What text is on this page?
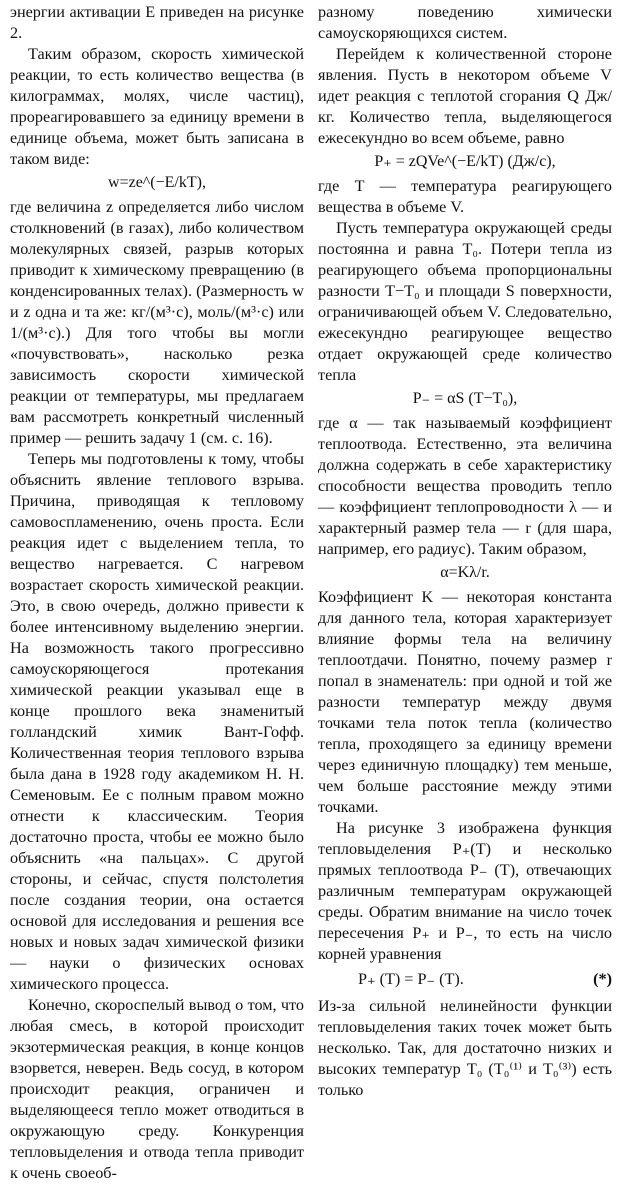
энергии активации E приведен на рисунке 2.

Таким образом, скорость химической реакции, то есть количество вещества (в килограммах, молях, числе частиц), прореагировавшего за единицу времени в единице объема, может быть записана в таком виде:

w=ze^(−E/kT),

где величина z определяется либо числом столкновений (в газах), либо количеством молекулярных связей, разрыв которых приводит к химическому превращению (в конденсированных телах). (Размерность w и z одна и та же: кг/(м³·с), моль/(м³·с) или 1/(м³·с).) Для того чтобы вы могли «почувствовать», насколько резка зависимость скорости химической реакции от температуры, мы предлагаем вам рассмотреть конкретный численный пример — решить задачу 1 (см. с. 16).

Теперь мы подготовлены к тому, чтобы объяснить явление теплового взрыва. Причина, приводящая к тепловому самовоспламенению, очень проста. Если реакция идет с выделением тепла, то вещество нагревается. С нагревом возрастает скорость химической реакции. Это, в свою очередь, должно привести к более интенсивному выделению энергии. На возможность такого прогрессивно самоускоряющегося протекания химической реакции указывал еще в конце прошлого века знаменитый голландский химик Вант-Гофф. Количественная теория теплового взрыва была дана в 1928 году академиком Н. Н. Семеновым. Ее с полным правом можно отнести к классическим. Теория достаточно проста, чтобы ее можно было объяснить «на пальцах». С другой стороны, и сейчас, спустя полстолетия после создания теории, она остается основой для исследования и решения все новых и новых задач химической физики — науки о физических основах химического процесса.

Конечно, скороспелый вывод о том, что любая смесь, в которой происходит экзотермическая реакция, в конце концов взорвется, неверен. Ведь сосуд, в котором происходит реакция, ограничен и выделяющееся тепло может отводиться в окружающую среду. Конкуренция тепловыделения и отвода тепла приводит к очень своеоб-

разному поведению химически самоускоряющихся систем.

Перейдем к количественной стороне явления. Пусть в некотором объеме V идет реакция с теплотой сгорания Q Дж/кг. Количество тепла, выделяющегося ежесекундно во всем объеме, равно

P₊ = zQVe^(−E/kT) (Дж/с),

где T — температура реагирующего вещества в объеме V.

Пусть температура окружающей среды постоянна и равна T₀. Потери тепла из реагирующего объема пропорциональны разности T−T₀ и площади S поверхности, ограничивающей объем V. Следовательно, ежесекундно реагирующее вещество отдает окружающей среде количество тепла

P₋ = αS (T−T₀),

где α — так называемый коэффициент теплоотвода. Естественно, эта величина должна содержать в себе характеристику способности вещества проводить тепло — коэффициент теплопроводности λ — и характерный размер тела — r (для шара, например, его радиус). Таким образом,

α=Kλ/r.

Коэффициент K — некоторая константа для данного тела, которая характеризует влияние формы тела на величину теплоотдачи. Понятно, почему размер r попал в знаменатель: при одной и той же разности температур между двумя точками тела поток тепла (количество тепла, проходящего за единицу времени через единичную площадку) тем меньше, чем больше расстояние между этими точками.

На рисунке 3 изображена функция тепловыделения P₊(T) и несколько прямых теплоотвода P₋ (T), отвечающих различным температурам окружающей среды. Обратим внимание на число точек пересечения P₊ и P₋, то есть на число корней уравнения

P₊ (T) = P₋ (T).	(*)

Из-за сильной нелинейности функции тепловыделения таких точек может быть несколько. Так, для достаточно низких и высоких температур T₀ (T₀⁽¹⁾ и T₀⁽³⁾) есть только
